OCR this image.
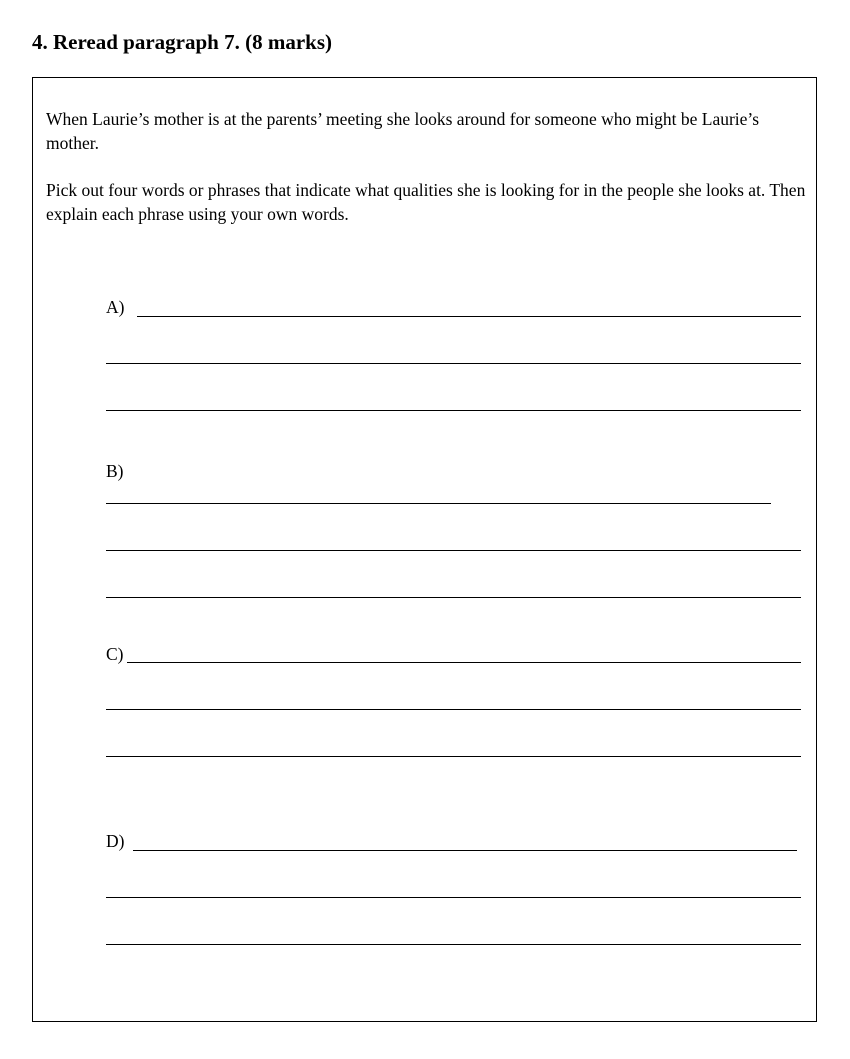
4. Reread paragraph 7. (8 marks)

When Laurie’s mother is at the parents’ meeting she looks around for someone who might be Laurie’s mother.

Pick out four words or phrases that indicate what qualities she is looking for in the people she looks at. Then explain each phrase using your own words.

A)
B)
C)
D)
